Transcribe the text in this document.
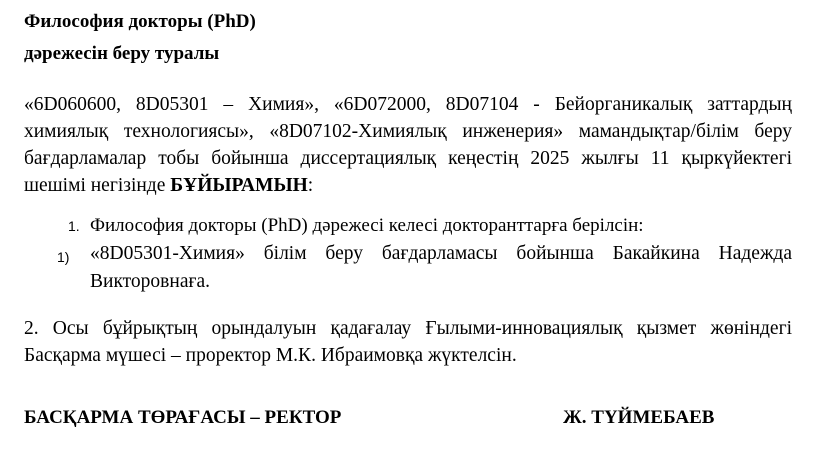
Философия докторы (PhD)
дәрежесін беру туралы
«6D060600, 8D05301 – Химия», «6D072000, 8D07104 - Бейорганикалық заттардың химиялық технологиясы», «8D07102-Химиялық инженерия» мамандықтар/білім беру бағдарламалар тобы бойынша диссертациялық кеңестің 2025 жылғы 11 қыркүйектегі шешімі негізінде БҰЙЫРАМЫН:
1. Философия докторы (PhD) дәрежесі келесі докторанттарға берілсін:
1) «8D05301-Химия» білім беру бағдарламасы бойынша Бакайкина Надежда Викторовнаға.
2. Осы бұйрықтың орындалуын қадағалау Ғылыми-инновациялық қызмет жөніндегі Басқарма мүшесі – проректор М.К. Ибраимовқа жүктелсін.
БАСҚАРМА ТӨРАҒАСЫ – РЕКТОР	Ж. ТҮЙМЕБАЕВ
